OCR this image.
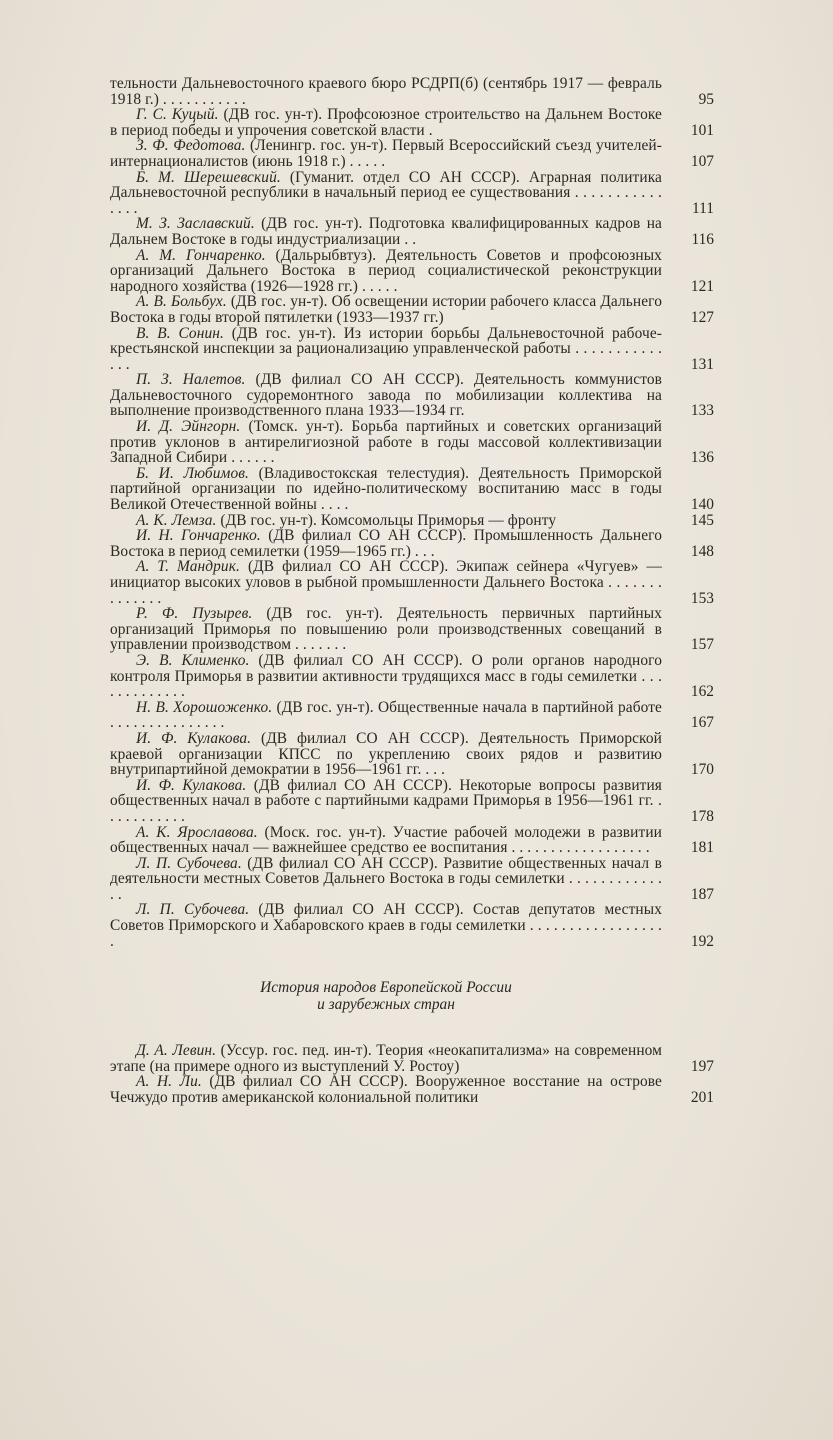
тельности Дальневосточного краевого бюро РСДРП(б) (сентябрь 1917 — февраль 1918 г.) . . . . . . . . . . .	95
Г. С. Куцый. (ДВ гос. ун-т). Профсоюзное строительство на Дальнем Востоке в период победы и упрочения советской власти .	101
З. Ф. Федотова. (Ленингр. гос. ун-т). Первый Всероссийский съезд учителей-интернационалистов (июнь 1918 г.) . . . . .	107
Б. М. Шерешевский. (Гуманит. отдел СО АН СССР). Аграрная политика Дальневосточной республики в начальный период ее существования . . . . . . . . . . . . . . .	111
М. З. Заславский. (ДВ гос. ун-т). Подготовка квалифицированных кадров на Дальнем Востоке в годы индустриализации . .	116
А. М. Гончаренко. (Дальрыбвтуз). Деятельность Советов и профсоюзных организаций Дальнего Востока в период социалистической реконструкции народного хозяйства (1926—1928 гг.) . . . . .	121
А. В. Больбух. (ДВ гос. ун-т). Об освещении истории рабочего класса Дальнего Востока в годы второй пятилетки (1933—1937 гг.)	127
В. В. Сонин. (ДВ гос. ун-т). Из истории борьбы Дальневосточной рабоче-крестьянской инспекции за рационализацию управленческой работы . . . . . . . . . . . . . .	131
П. З. Налетов. (ДВ филиал СО АН СССР). Деятельность коммунистов Дальневосточного судоремонтного завода по мобилизации коллектива на выполнение производственного плана 1933—1934 гг.	133
И. Д. Эйнгорн. (Томск. ун-т). Борьба партийных и советских организаций против уклонов в антирелигиозной работе в годы массовой коллективизации Западной Сибири . . . . . .	136
Б. И. Любимов. (Владивостокская телестудия). Деятельность Приморской партийной организации по идейно-политическому воспитанию масс в годы Великой Отечественной войны . . . .	140
А. К. Лемза. (ДВ гос. ун-т). Комсомольцы Приморья — фронту	145
И. Н. Гончаренко. (ДВ филиал СО АН СССР). Промышленность Дальнего Востока в период семилетки (1959—1965 гг.) . . .	148
А. Т. Мандрик. (ДВ филиал СО АН СССР). Экипаж сейнера «Чугуев» — инициатор высоких уловов в рыбной промышленности Дальнего Востока . . . . . . . . . . . . . .	153
Р. Ф. Пузырев. (ДВ гос. ун-т). Деятельность первичных партийных организаций Приморья по повышению роли производственных совещаний в управлении производством . . . . . . .	157
Э. В. Клименко. (ДВ филиал СО АН СССР). О роли органов народного контроля Приморья в развитии активности трудящихся масс в годы семилетки . . . . . . . . . . . . .	162
Н. В. Хорошоженко. (ДВ гос. ун-т). Общественные начала в партийной работе . . . . . . . . . . . . . . .	167
И. Ф. Кулакова. (ДВ филиал СО АН СССР). Деятельность Приморской краевой организации КПСС по укреплению своих рядов и развитию внутрипартийной демократии в 1956—1961 гг. . . .	170
И. Ф. Кулакова. (ДВ филиал СО АН СССР). Некоторые вопросы развития общественных начал в работе с партийными кадрами Приморья в 1956—1961 гг. . . . . . . . . . . .	178
А. К. Ярославова. (Моск. гос. ун-т). Участие рабочей молодежи в развитии общественных начал — важнейшее средство ее воспитания . . . . . . . . . . . . . . . . . .	181
Л. П. Субочева. (ДВ филиал СО АН СССР). Развитие общественных начал в деятельности местных Советов Дальнего Востока в годы семилетки . . . . . . . . . . . . . .	187
Л. П. Субочева. (ДВ филиал СО АН СССР). Состав депутатов местных Советов Приморского и Хабаровского краев в годы семилетки . . . . . . . . . . . . . . . . . .	192
История народов Европейской России
и зарубежных стран
Д. А. Левин. (Уссур. гос. пед. ин-т). Теория «неокапитализма» на современном этапе (на примере одного из выступлений У. Ростоу)	197
А. Н. Ли. (ДВ филиал СО АН СССР). Вооруженное восстание на острове Чечжудо против американской колониальной политики	201
